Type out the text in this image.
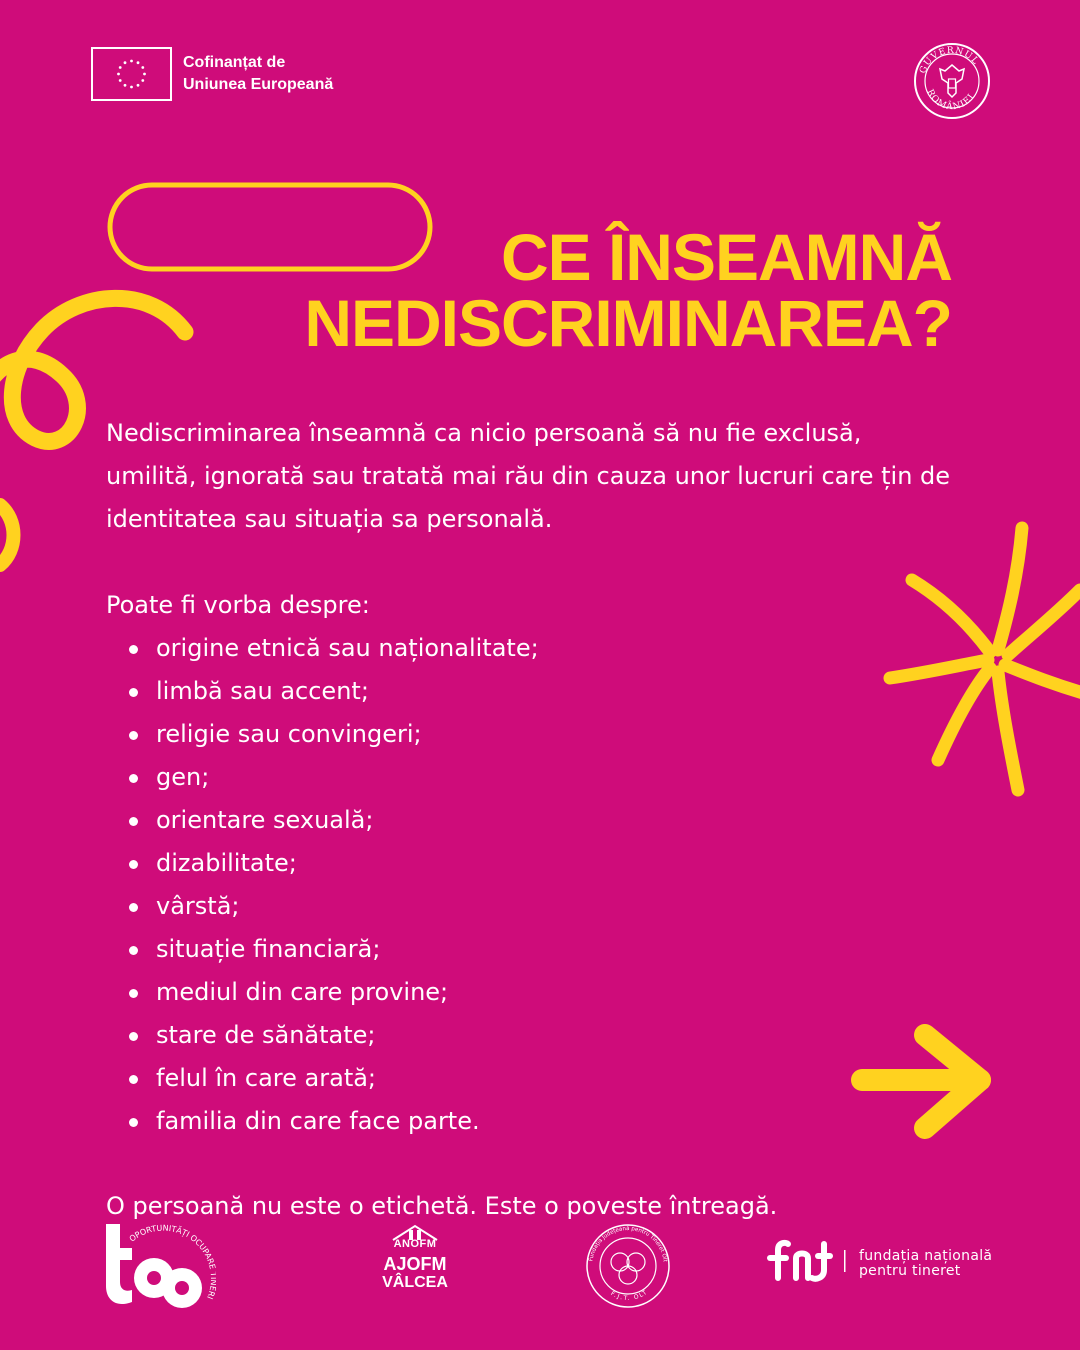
Cofinanțat de
Uniunea Europeană
GUVERNUL
ROMÂNIEI
CE ÎNSEAMNĂ
NEDISCRIMINAREA?
Nediscriminarea înseamnă ca nicio persoană să nu fie exclusă,
umilită, ignorată sau tratată mai rău din cauza unor lucruri care țin de
identitatea sau situația sa personală.
Poate fi vorba despre:
origine etnică sau naționalitate;
limbă sau accent;
religie sau convingeri;
gen;
orientare sexuală;
dizabilitate;
vârstă;
situație financiară;
mediul din care provine;
stare de sănătate;
felul în care arată;
familia din care face parte.
O persoană nu este o etichetă. Este o poveste întreagă.
OPORTUNITĂȚI OCUPAR RI
ANOFM
AJOFM
VÂLCEA
Fundația Județeană pentru Tineret Olt
F.J.T. OLT
fundația națională
pentru tineret
